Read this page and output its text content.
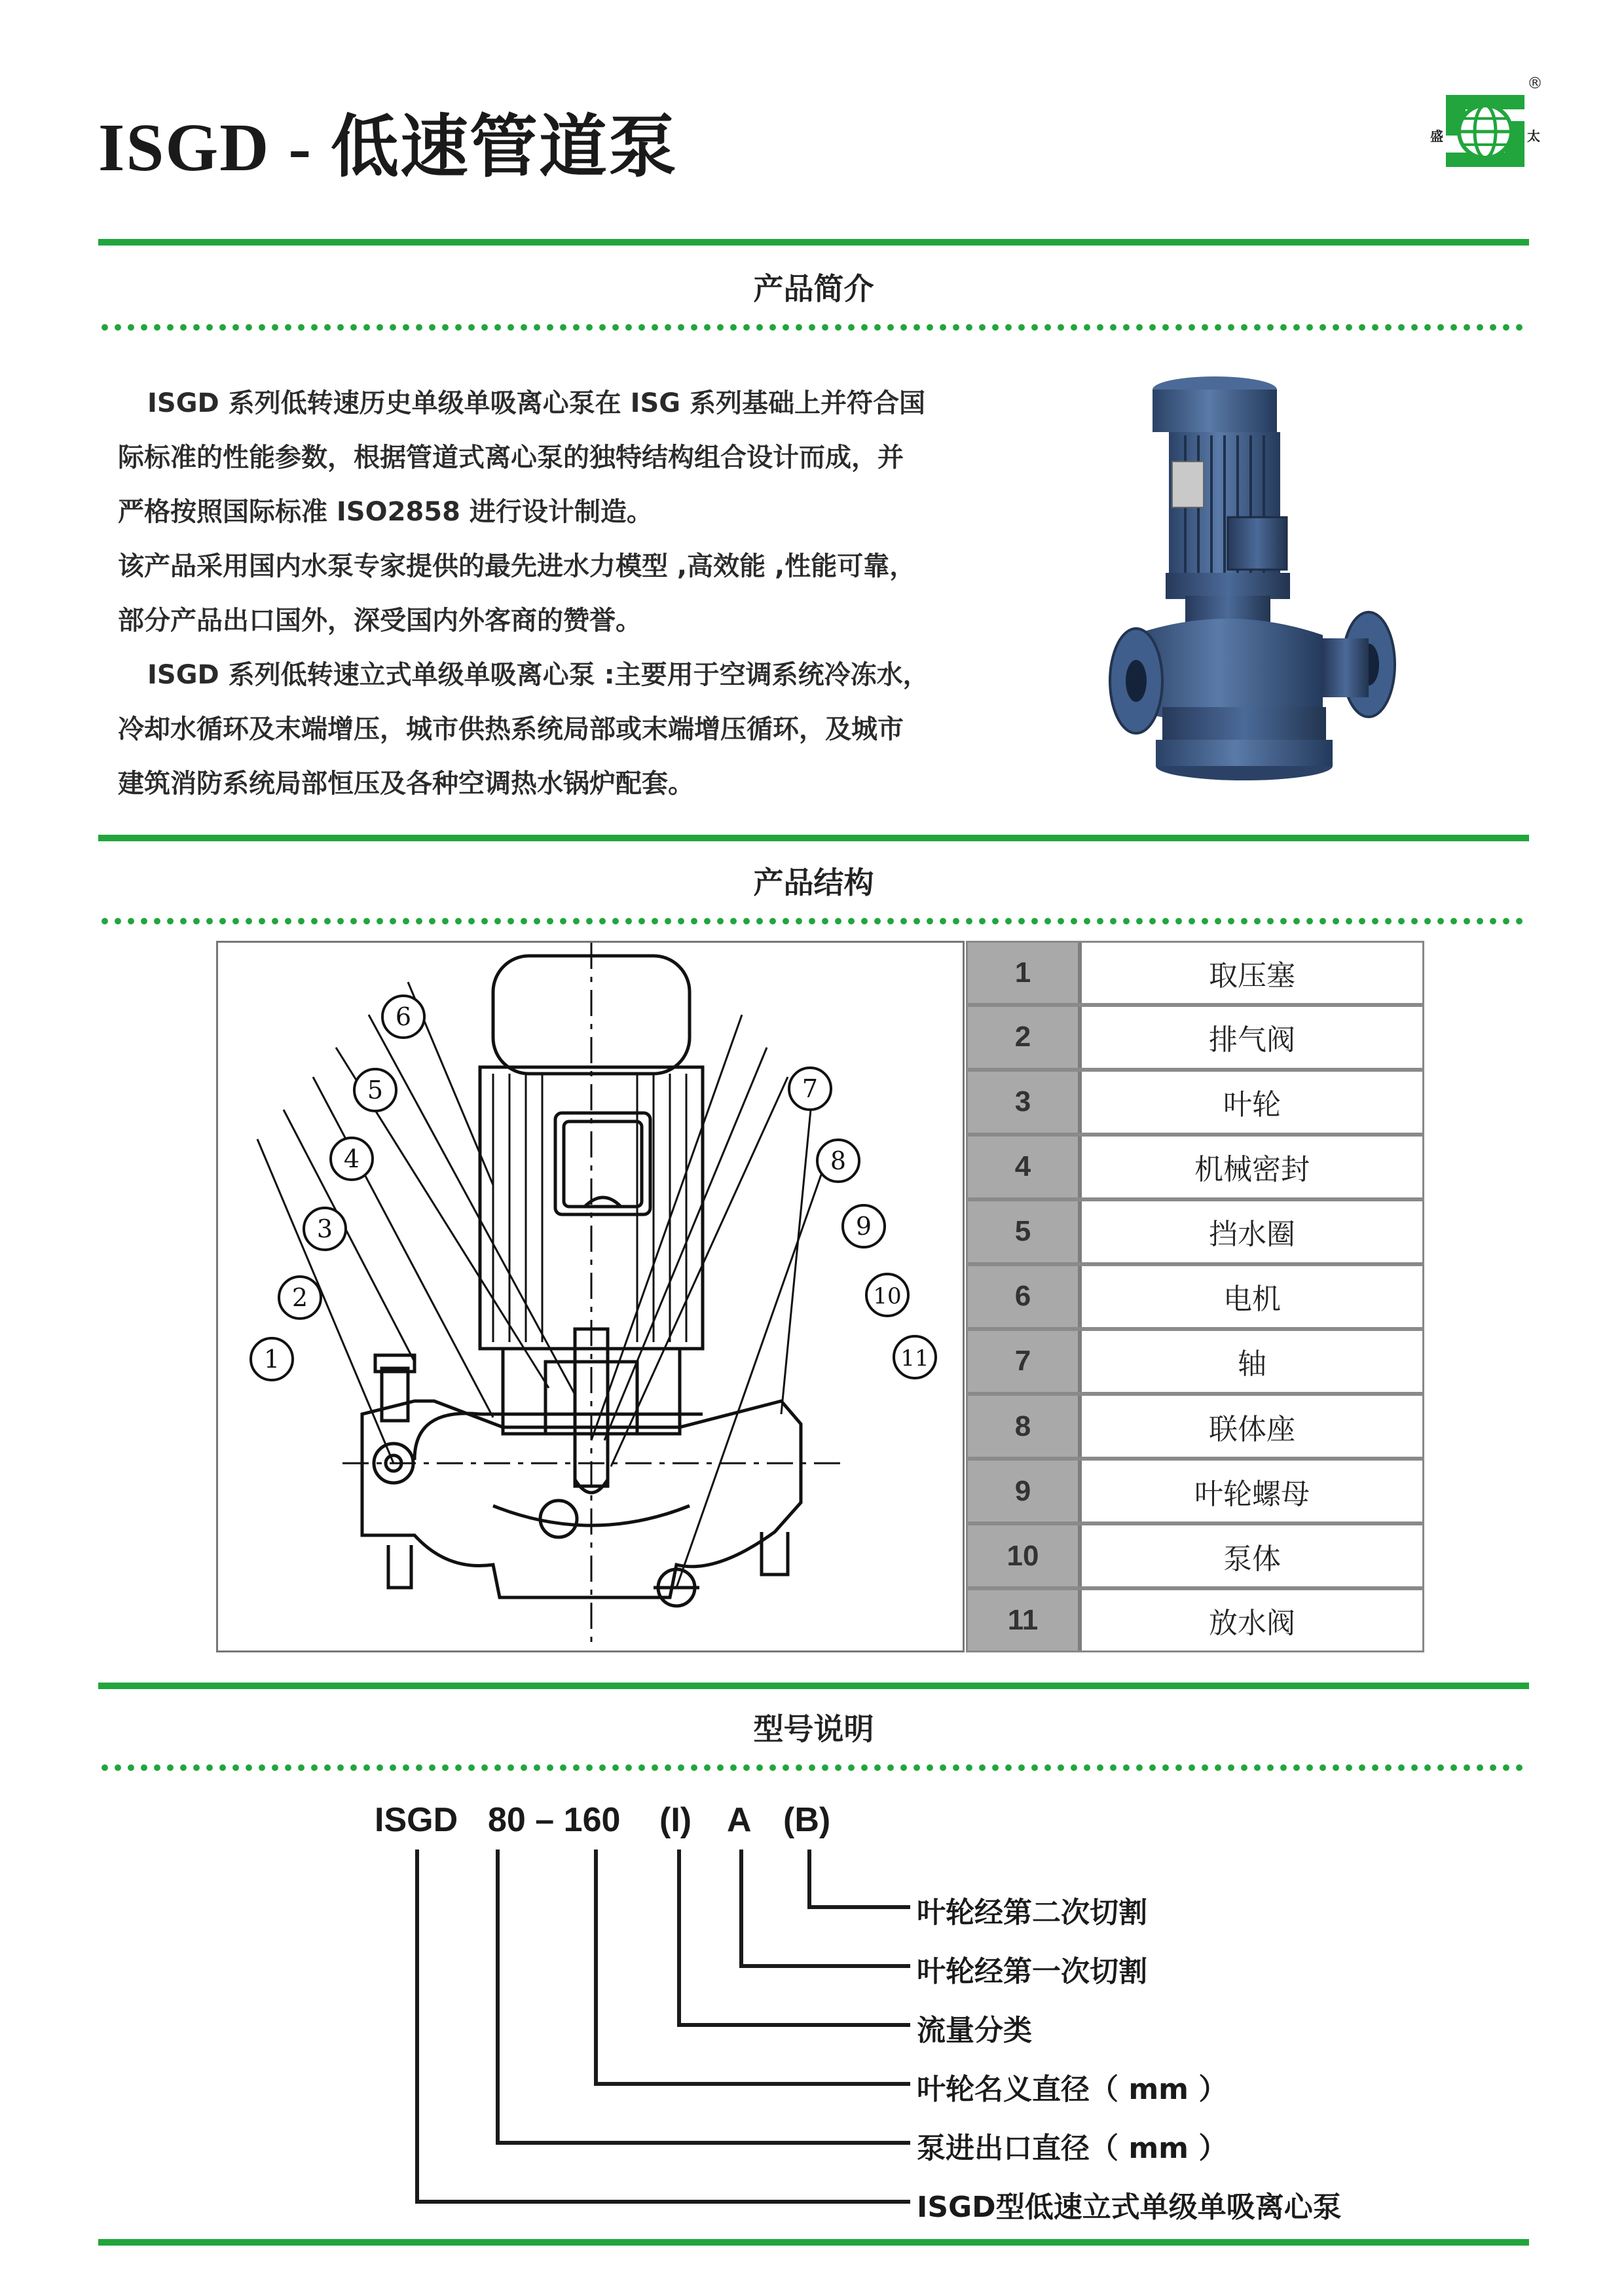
ISGD - 低速管道泵	盛	太
®
产品简介

ISGD 系列低转速历史单级单吸离心泵在 ISG 系列基础上并符合国

际标准的性能参数，根据管道式离心泵的独特结构组合设计而成，并

严格按照国际标准 ISO2858 进行设计制造。

该产品采用国内水泵专家提供的最先进水力模型 ,高效能 ,性能可靠，

部分产品出口国外，深受国内外客商的赞誉。

ISGD 系列低转速立式单级单吸离心泵 :主要用于空调系统冷冻水，

冷却水循环及末端增压，城市供热系统局部或末端增压循环，及城市

建筑消防系统局部恒压及各种空调热水锅炉配套。

产品结构
1
2
3
4
5
6
7
8
9
10
11
1	取压塞
2	排气阀
3	叶轮
4	机械密封
5	挡水圈
6	电机
7	轴
8	联体座
9	叶轮螺母
10	泵体
11	放水阀
型号说明
ISGD 80 – 160 (I) A (B)
叶轮经第二次切割
叶轮经第一次切割
流量分类
叶轮名义直径（ mm ）
泵进出口直径（ mm ）
ISGD型低速立式单级单吸离心泵
